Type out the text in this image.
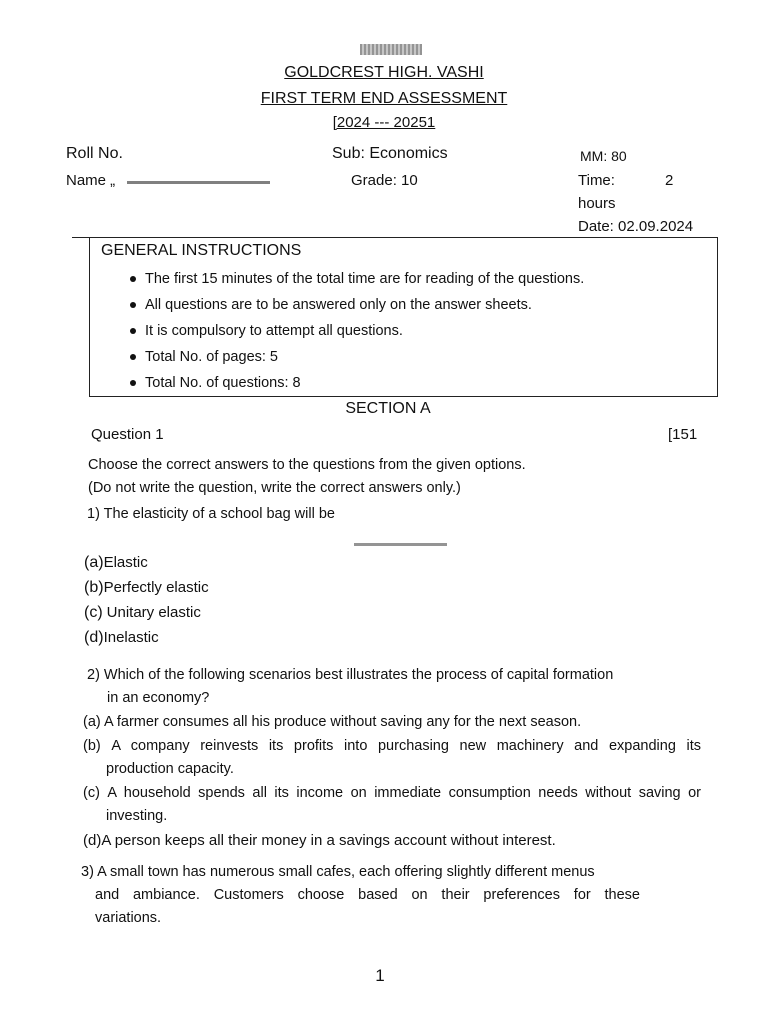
GOLDCREST HIGH. VASHI
FIRST TERM END ASSESSMENT
[2024 --- 20251
Roll No.	Sub: Economics	MM: 80
Name „	Grade: 10	Time:	2
hours
Date: 02.09.2024
GENERAL INSTRUCTIONS
The first 15 minutes of the total time are for reading of the questions.
All questions are to be answered only on the answer sheets.
It is compulsory to attempt all questions.
Total No. of pages: 5
Total No. of questions: 8
SECTION A
Question 1	[151
Choose the correct answers to the questions from the given options.
(Do not write the question, write the correct answers only.)
1) The elasticity of a school bag will be
(a)Elastic
(b)Perfectly elastic
(c) Unitary elastic
(d)Inelastic
2) Which of the following scenarios best illustrates the process of capital formation
in an economy?
(a) A farmer consumes all his produce without saving any for the next season.
(b) A company reinvests its profits into purchasing new machinery and expanding its
production capacity.
(c) A household spends all its income on immediate consumption needs without saving or
investing.
(d)A person keeps all their money in a savings account without interest.
3) A small town has numerous small cafes, each offering slightly different menus
and ambiance. Customers choose based on their preferences for these
variations.
1
